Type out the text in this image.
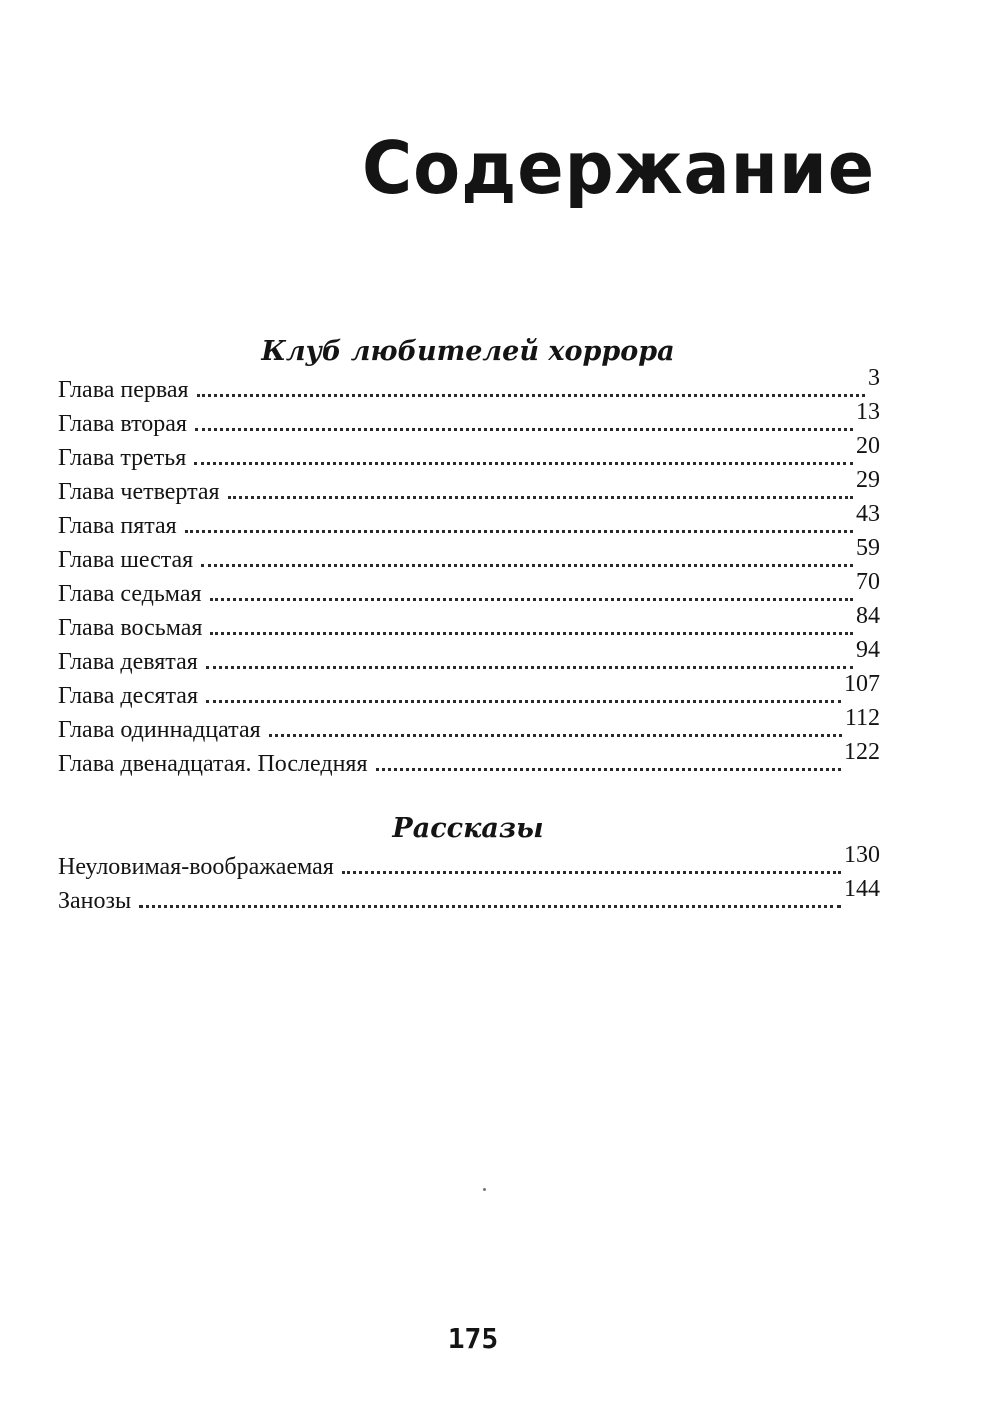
Содержание
Клуб любителей хоррора
Глава первая	3
Глава вторая	13
Глава третья	20
Глава четвертая	29
Глава пятая	43
Глава шестая	59
Глава седьмая	70
Глава восьмая	84
Глава девятая	94
Глава десятая	107
Глава одиннадцатая	112
Глава двенадцатая. Последняя	122
Рассказы
Неуловимая-воображаемая	130
Занозы	144
175
